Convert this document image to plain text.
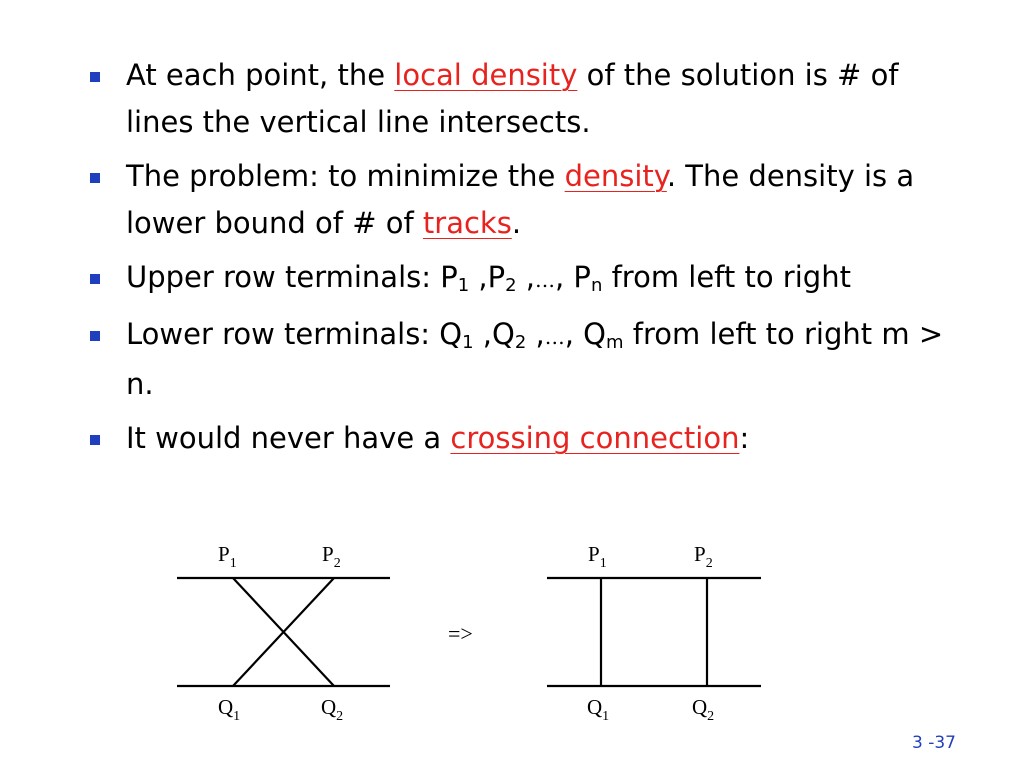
At each point, the local density of the solution is # of lines the vertical line intersects.
The problem: to minimize the density. The density is a lower bound of # of tracks.
Upper row terminals: $P_1$ $,P_2$ ,…, $P_n$ from left to right
Lower row terminals: $Q_1$ $,Q_2$ ,…, $Q_m$ from left to right m > n.
It would never have a crossing connection:
$P_1$	$P_2$
$Q_1$	$Q_2$
=>
$P_1$	$P_2$
$Q_1$	$Q_2$
3 -37
